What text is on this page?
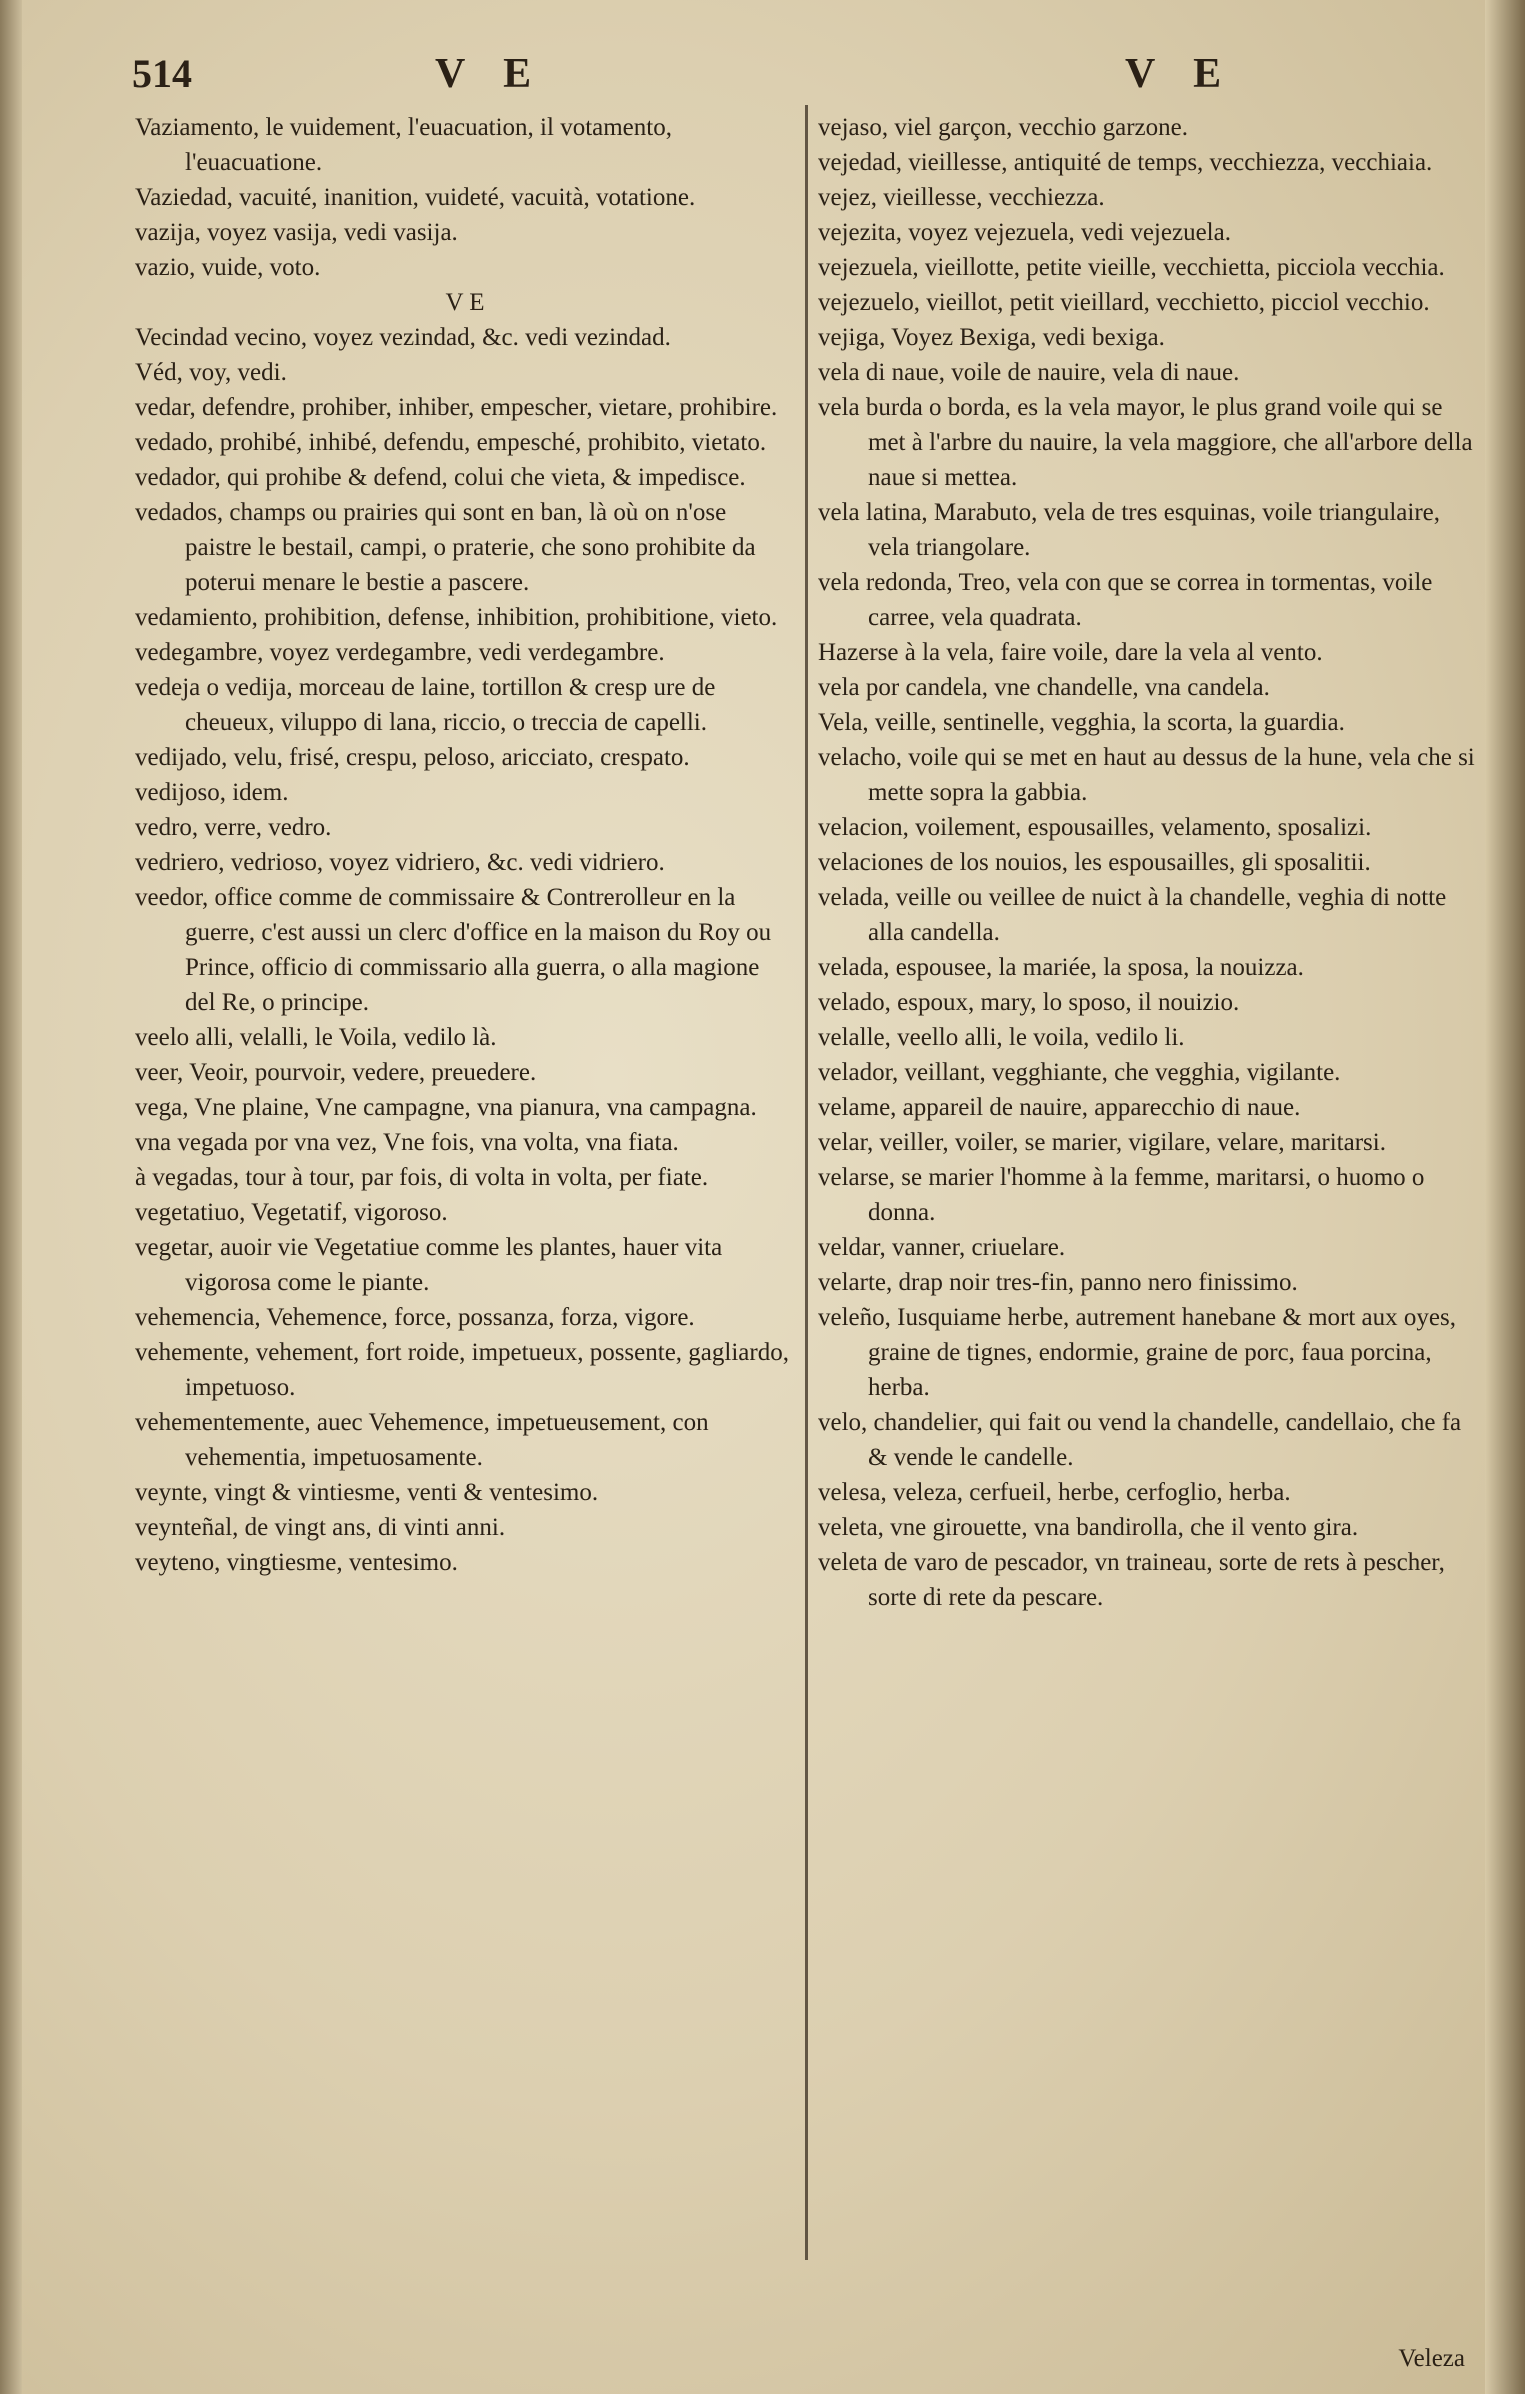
514	V E	V E

Vaziamento, le vuidement, l'euacuation, il votamento, l'euacuatione.

Vaziedad, vacuité, inanition, vuideté, vacuità, votatione.

vazija, voyez vasija, vedi vasija.

vazio, vuide, voto.

V E

Vecindad vecino, voyez vezindad, &c. vedi vezindad.

Véd, voy, vedi.

vedar, defendre, prohiber, inhiber, empescher, vietare, prohibire.

vedado, prohibé, inhibé, defendu, empesché, prohibito, vietato.

vedador, qui prohibe & defend, colui che vieta, & impedisce.

vedados, champs ou prairies qui sont en ban, là où on n'ose paistre le bestail, campi, o praterie, che sono prohibite da poterui menare le bestie a pascere.

vedamiento, prohibition, defense, inhibition, prohibitione, vieto.

vedegambre, voyez verdegambre, vedi verdegambre.

vedeja o vedija, morceau de laine, tortillon & cresp ure de cheueux, viluppo di lana, riccio, o treccia de capelli.

vedijado, velu, frisé, crespu, peloso, aricciato, crespato.

vedijoso, idem.

vedro, verre, vedro.

vedriero, vedrioso, voyez vidriero, &c. vedi vidriero.

veedor, office comme de commissaire & Contrerolleur en la guerre, c'est aussi un clerc d'office en la maison du Roy ou Prince, officio di commissario alla guerra, o alla magione del Re, o principe.

veelo alli, velalli, le Voila, vedilo là.

veer, Veoir, pourvoir, vedere, preuedere.

vega, Vne plaine, Vne campagne, vna pianura, vna campagna.

vna vegada por vna vez, Vne fois, vna volta, vna fiata.

à vegadas, tour à tour, par fois, di volta in volta, per fiate.

vegetatiuo, Vegetatif, vigoroso.

vegetar, auoir vie Vegetatiue comme les plantes, hauer vita vigorosa come le piante.

vehemencia, Vehemence, force, possanza, forza, vigore.

vehemente, vehement, fort roide, impetueux, possente, gagliardo, impetuoso.

vehementemente, auec Vehemence, impetueusement, con vehementia, impetuosamente.

veynte, vingt & vintiesme, venti & ventesimo.

veynteñal, de vingt ans, di vinti anni.

veyteno, vingtiesme, ventesimo.

vejaso, viel garçon, vecchio garzone.

vejedad, vieillesse, antiquité de temps, vecchiezza, vecchiaia.

vejez, vieillesse, vecchiezza.

vejezita, voyez vejezuela, vedi vejezuela.

vejezuela, vieillotte, petite vieille, vecchietta, picciola vecchia.

vejezuelo, vieillot, petit vieillard, vecchietto, picciol vecchio.

vejiga, Voyez Bexiga, vedi bexiga.

vela di naue, voile de nauire, vela di naue.

vela burda o borda, es la vela mayor, le plus grand voile qui se met à l'arbre du nauire, la vela maggiore, che all'arbore della naue si mettea.

vela latina, Marabuto, vela de tres esquinas, voile triangulaire, vela triangolare.

vela redonda, Treo, vela con que se correa in tormentas, voile carree, vela quadrata.

Hazerse à la vela, faire voile, dare la vela al vento.

vela por candela, vne chandelle, vna candela.

Vela, veille, sentinelle, vegghia, la scorta, la guardia.

velacho, voile qui se met en haut au dessus de la hune, vela che si mette sopra la gabbia.

velacion, voilement, espousailles, velamento, sposalizi.

velaciones de los nouios, les espousailles, gli sposalitii.

velada, veille ou veillee de nuict à la chandelle, veghia di notte alla candella.

velada, espousee, la mariée, la sposa, la nouizza.

velado, espoux, mary, lo sposo, il nouizio.

velalle, veello alli, le voila, vedilo li.

velador, veillant, vegghiante, che vegghia, vigilante.

velame, appareil de nauire, apparecchio di naue.

velar, veiller, voiler, se marier, vigilare, velare, maritarsi.

velarse, se marier l'homme à la femme, maritarsi, o huomo o donna.

veldar, vanner, criuelare.

velarte, drap noir tres-fin, panno nero finissimo.

veleño, Iusquiame herbe, autrement hanebane & mort aux oyes, graine de tignes, endormie, graine de porc, faua porcina, herba.

velo, chandelier, qui fait ou vend la chandelle, candellaio, che fa & vende le candelle.

velesa, veleza, cerfueil, herbe, cerfoglio, herba.

veleta, vne girouette, vna bandirolla, che il vento gira.

veleta de varo de pescador, vn traineau, sorte de rets à pescher, sorte di rete da pescare.

Veleza
